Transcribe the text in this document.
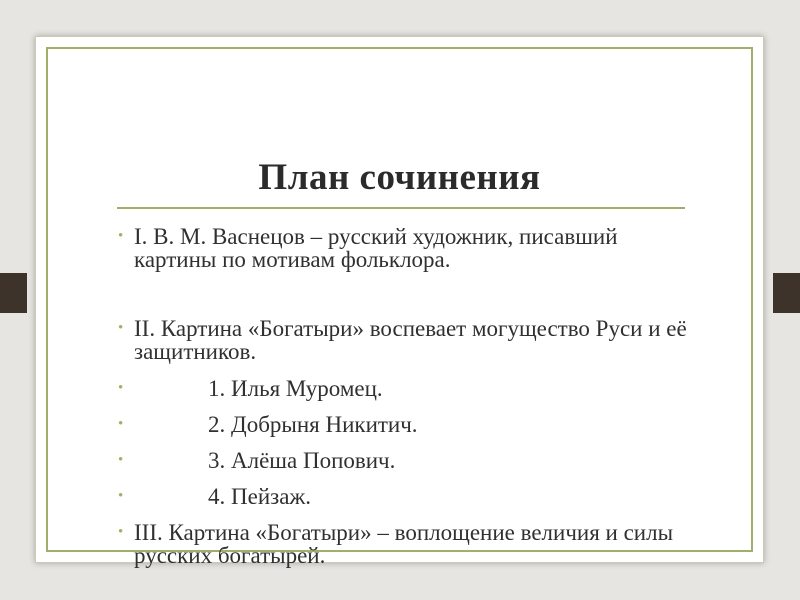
План сочинения
• I. В. М. Васнецов – русский художник, писавший картины по мотивам фольклора.
• II. Картина «Богатыри» воспевает могущество Руси и её защитников.
•	1. Илья Муромец.
•	2. Добрыня Никитич.
•	3. Алёша Попович.
•	4. Пейзаж.
• III. Картина «Богатыри» – воплощение величия и силы русских богатырей.
